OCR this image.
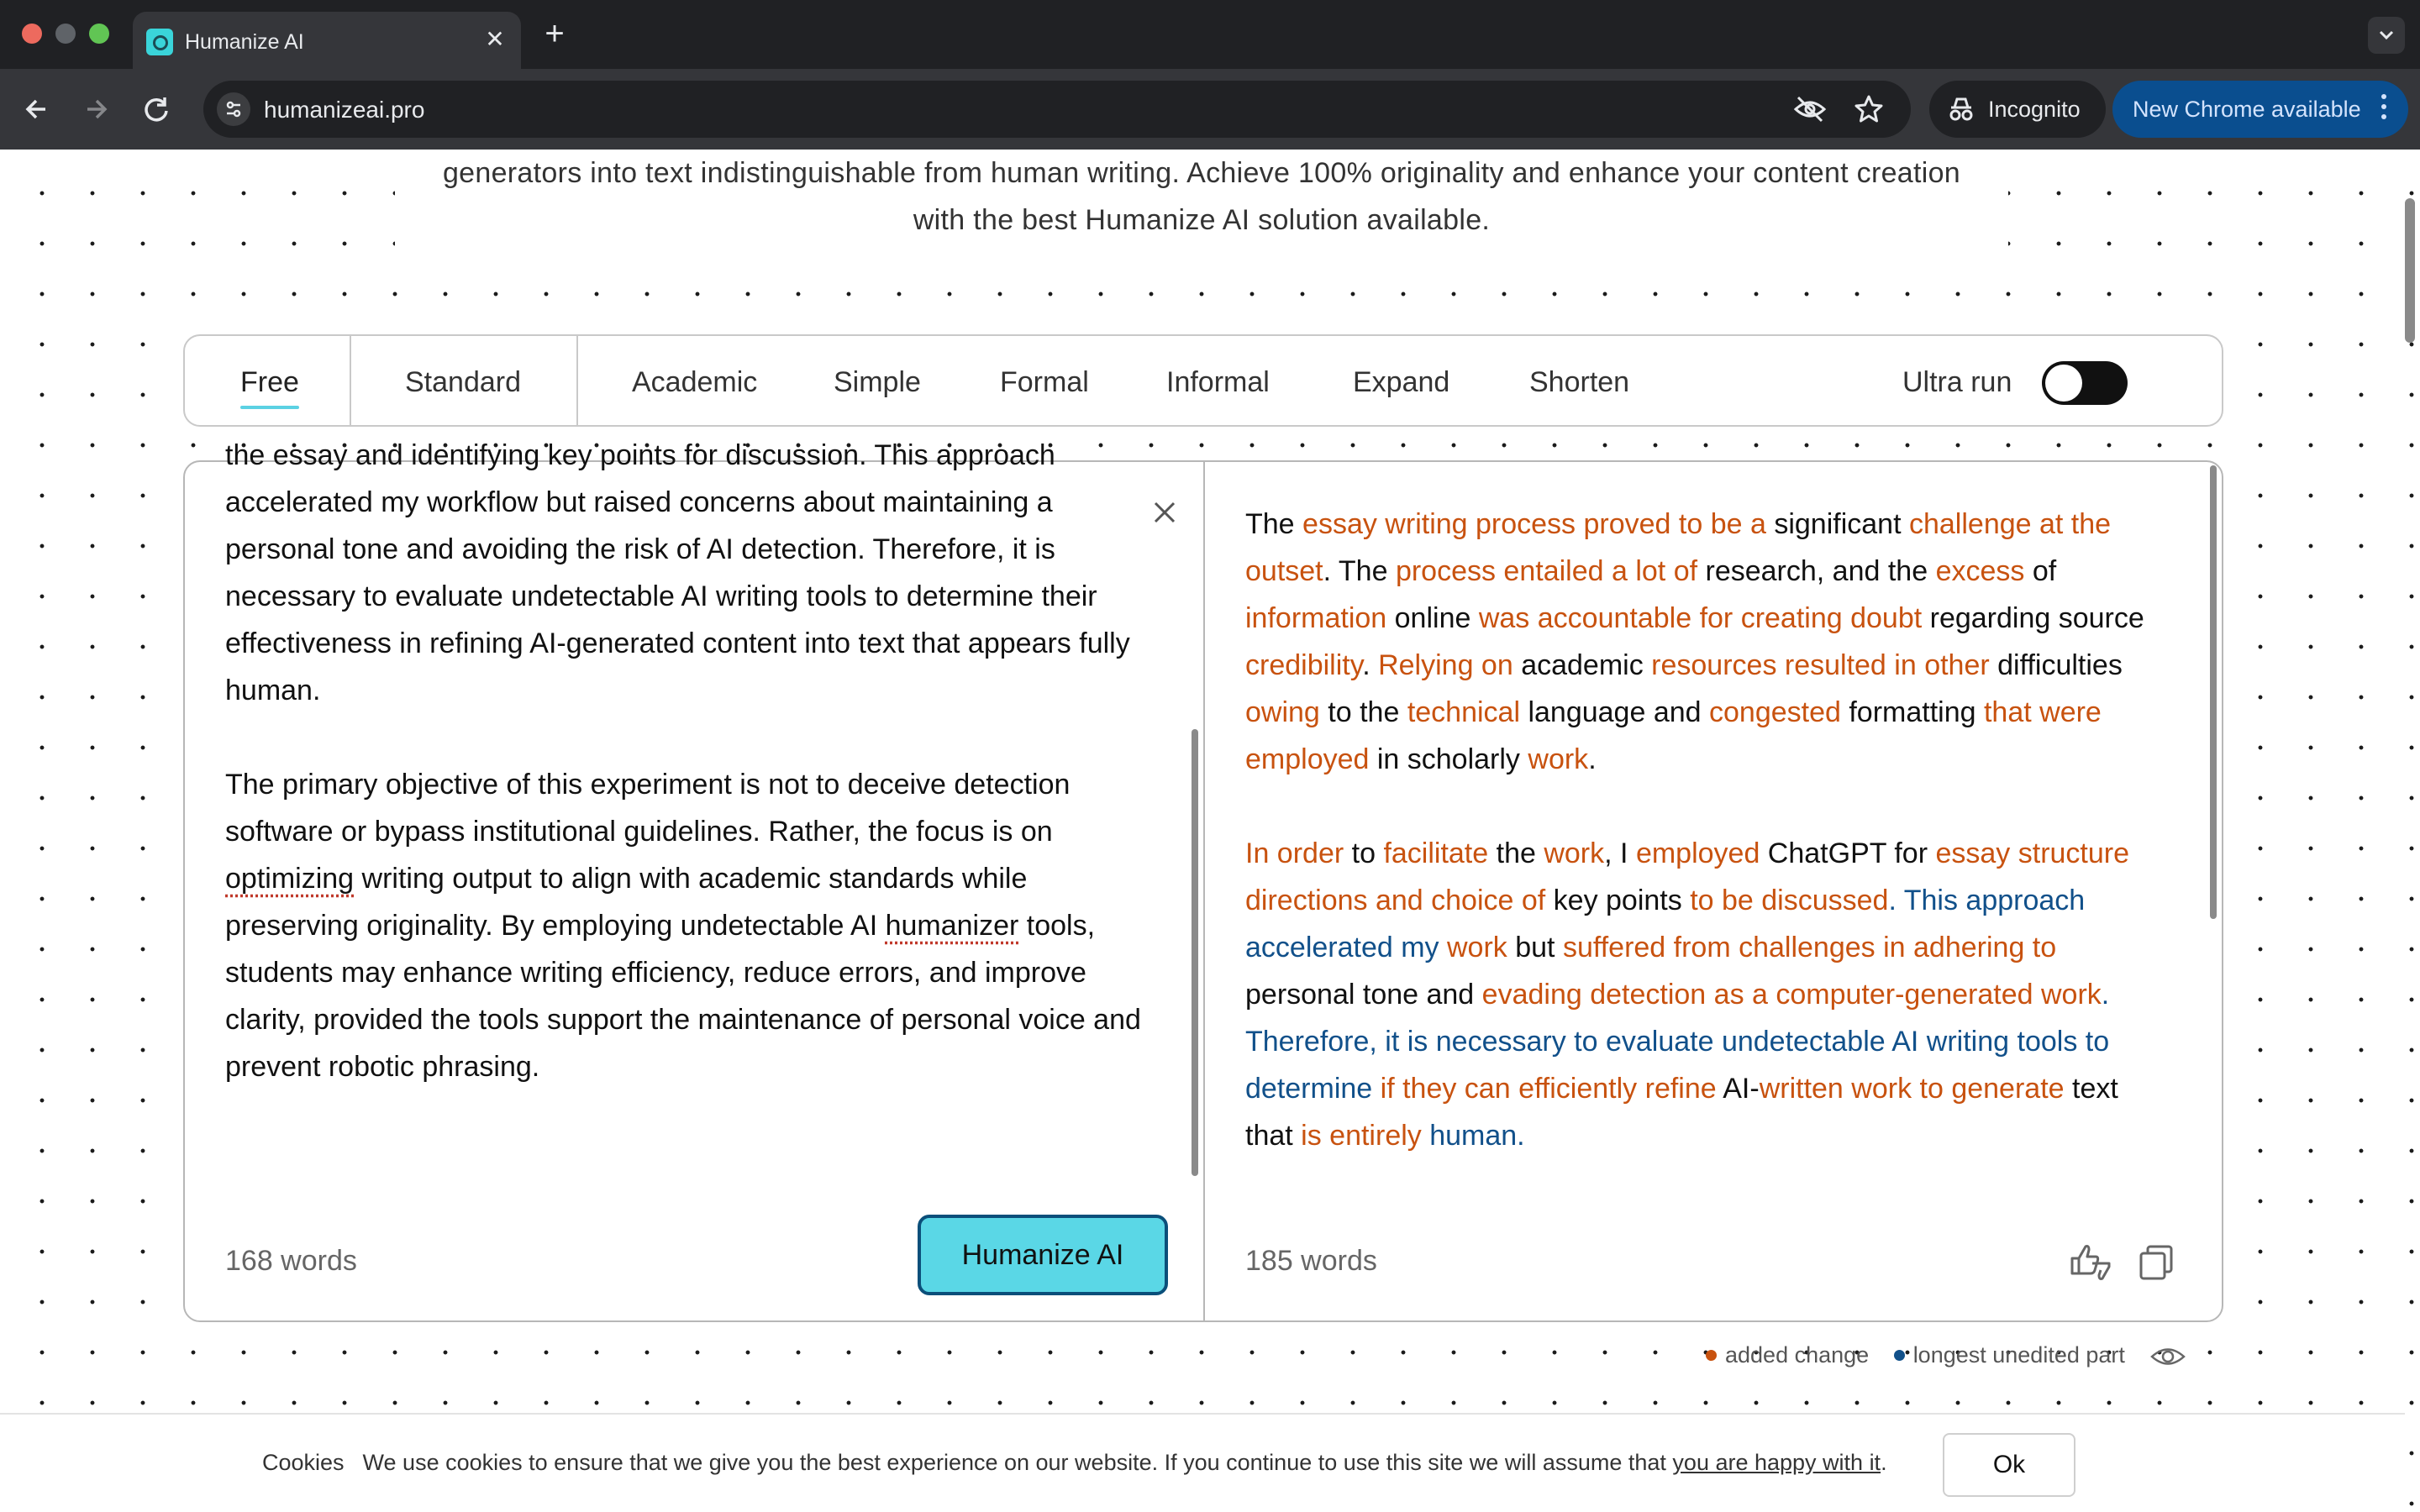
Humanize AI	✕ +
humanizeai.pro	Incognito New Chrome available
generators into text indistinguishable from human writing. Achieve 100% originality and enhance your content creation
with the best Humanize AI solution available.
Free	Standard	Academic	Simple	Formal	Informal	Expand	Shorten	Ultra run

the essay and identifying key points for discussion. This approach accelerated my workflow but raised concerns about maintaining a personal tone and avoiding the risk of AI detection. Therefore, it is necessary to evaluate undetectable AI writing tools to determine their effectiveness in refining AI-generated content into text that appears fully human.

The primary objective of this experiment is not to deceive detection software or bypass institutional guidelines. Rather, the focus is on optimizing writing output to align with academic standards while preserving originality. By employing undetectable AI humanizer tools, students may enhance writing efficiency, reduce errors, and improve clarity, provided the tools support the maintenance of personal voice and prevent robotic phrasing.

168 words	Humanize AI

The essay writing process proved to be a significant challenge at the outset. The process entailed a lot of research, and the excess of information online was accountable for creating doubt regarding source credibility. Relying on academic resources resulted in other difficulties owing to the technical language and congested formatting that were employed in scholarly work.

In order to facilitate the work, I employed ChatGPT for essay structure directions and choice of key points to be discussed. This approach accelerated my work but suffered from challenges in adhering to personal tone and evading detection as a computer-generated work. Therefore, it is necessary to evaluate undetectable AI writing tools to determine if they can efficiently refine AI-written work to generate text that is entirely human.

185 words
added change longest unedited part
Cookies We use cookies to ensure that we give you the best experience on our website. If you continue to use this site we will assume that you are happy with it.	Ok
